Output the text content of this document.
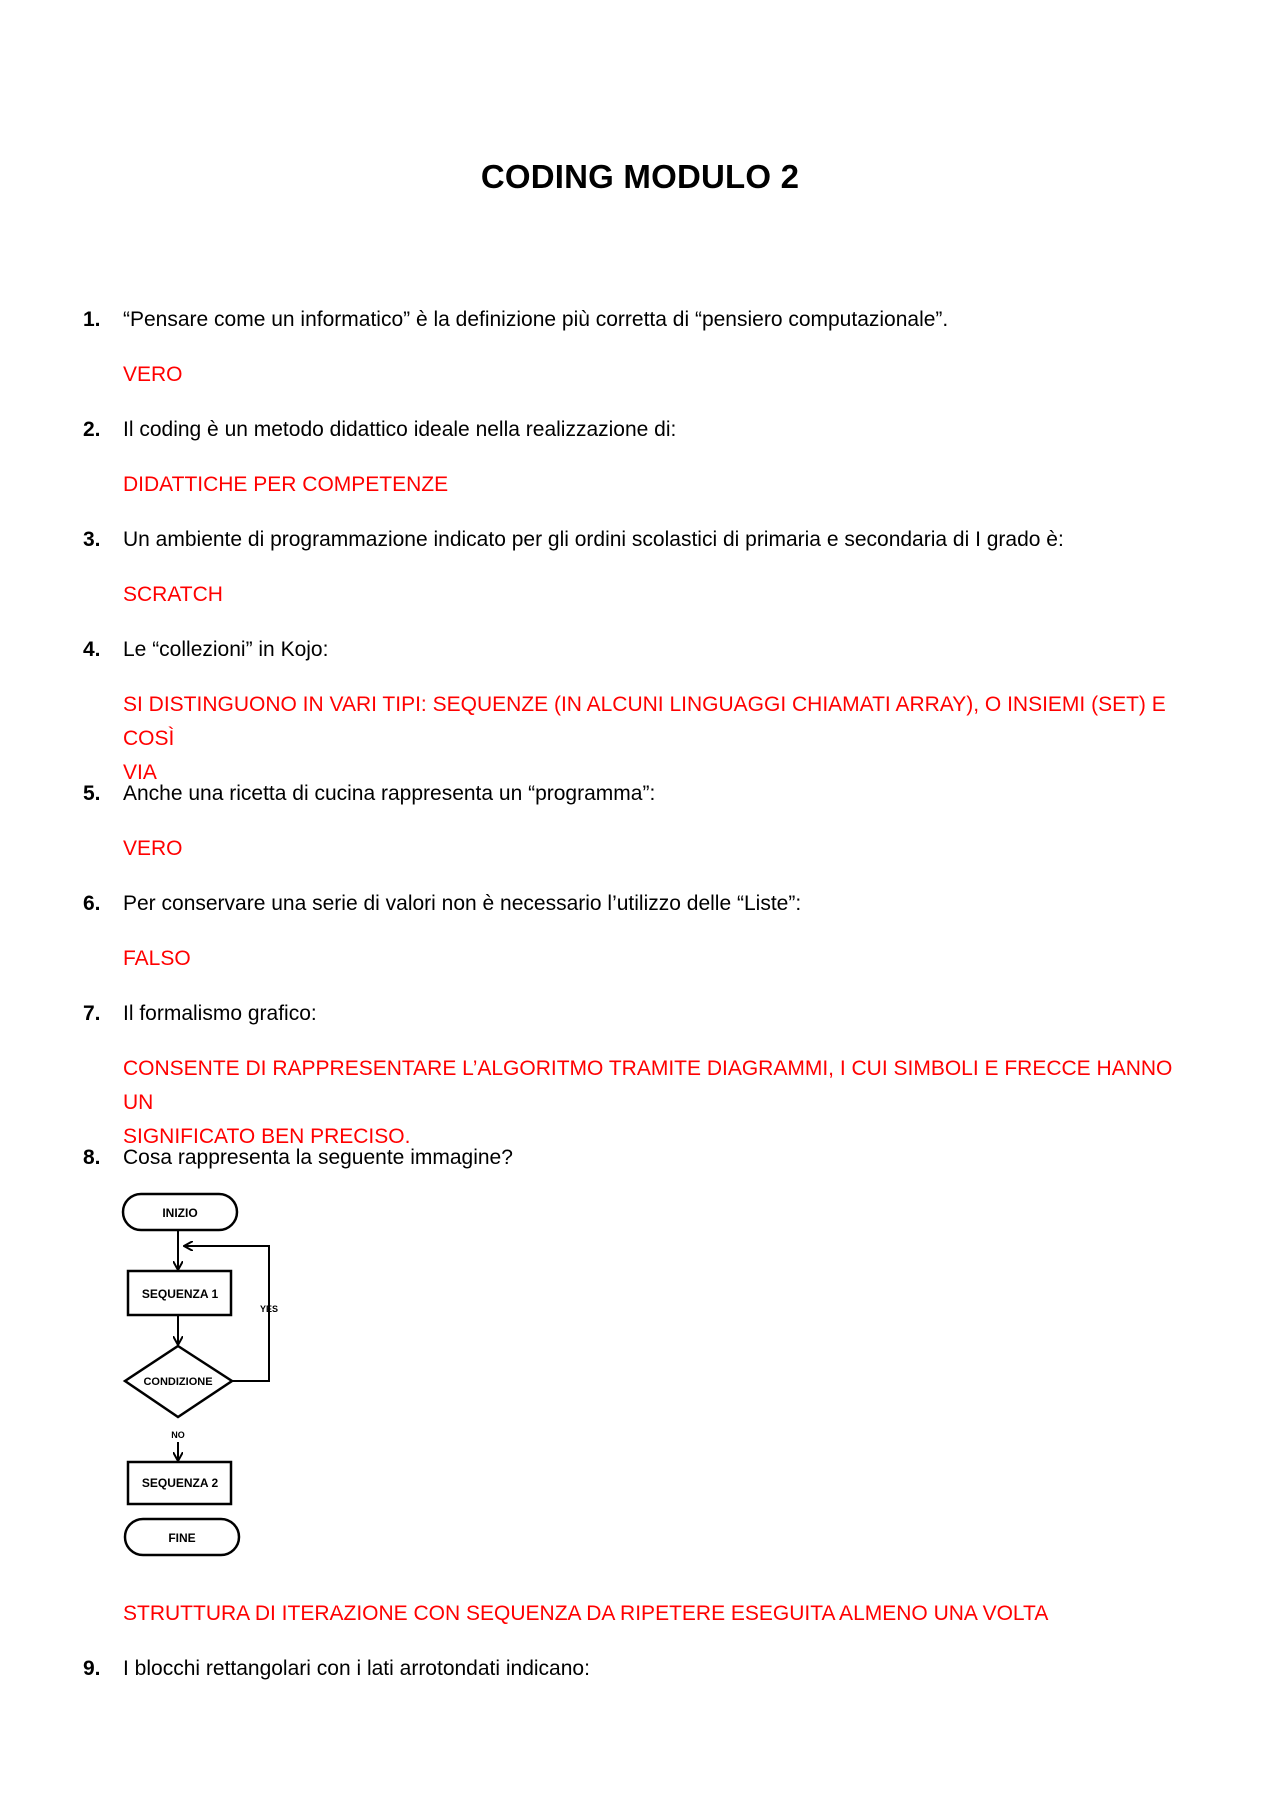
CODING MODULO 2
1. “Pensare come un informatico” è la definizione più corretta di “pensiero computazionale”.
VERO
2. Il coding è un metodo didattico ideale nella realizzazione di:
DIDATTICHE PER COMPETENZE
3. Un ambiente di programmazione indicato per gli ordini scolastici di primaria e secondaria di I grado è:
SCRATCH
4. Le “collezioni” in Kojo:
SI DISTINGUONO IN VARI TIPI: SEQUENZE (IN ALCUNI LINGUAGGI CHIAMATI ARRAY), O INSIEMI (SET) E COSÌ
VIA
5. Anche una ricetta di cucina rappresenta un “programma”:
VERO
6. Per conservare una serie di valori non è necessario l’utilizzo delle “Liste”:
FALSO
7. Il formalismo grafico:
CONSENTE DI RAPPRESENTARE L’ALGORITMO TRAMITE DIAGRAMMI, I CUI SIMBOLI E FRECCE HANNO UN
SIGNIFICATO BEN PRECISO.
8. Cosa rappresenta la seguente immagine?
INIZIO
SEQUENZA 1
CONDIZIONE
YES
NO
SEQUENZA 2
FINE
STRUTTURA DI ITERAZIONE CON SEQUENZA DA RIPETERE ESEGUITA ALMENO UNA VOLTA
9. I blocchi rettangolari con i lati arrotondati indicano:
